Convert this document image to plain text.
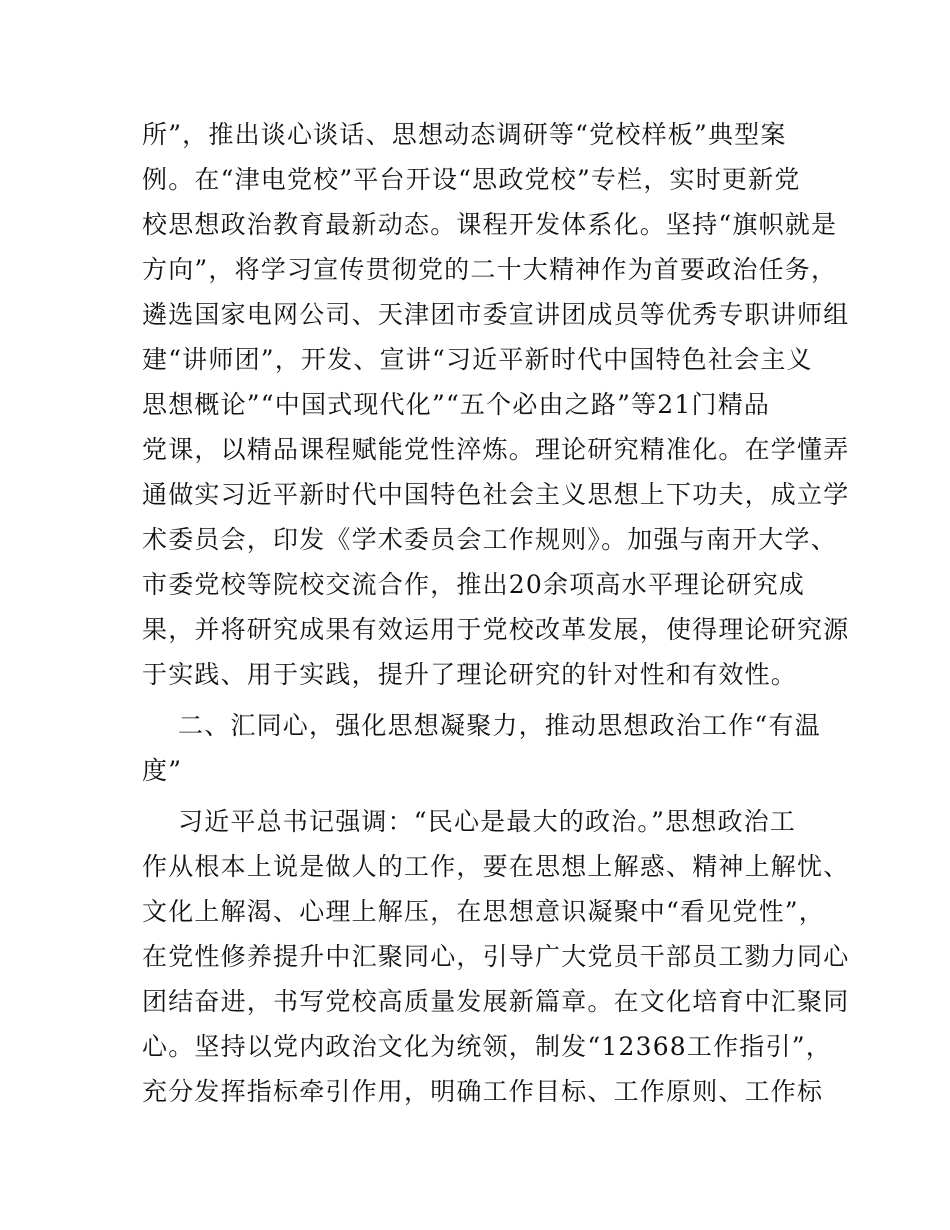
所”，推出谈心谈话、思想动态调研等“党校样板”典型案
例。在“津电党校”平台开设“思政党校”专栏，实时更新党
校思想政治教育最新动态。课程开发体系化。坚持“旗帜就是
方向”，将学习宣传贯彻党的二十大精神作为首要政治任务，
遴选国家电网公司、天津团市委宣讲团成员等优秀专职讲师组
建“讲师团”，开发、宣讲“习近平新时代中国特色社会主义
思想概论”“中国式现代化”“五个必由之路”等21门精品
党课，以精品课程赋能党性淬炼。理论研究精准化。在学懂弄
通做实习近平新时代中国特色社会主义思想上下功夫，成立学
术委员会，印发《学术委员会工作规则》。加强与南开大学、
市委党校等院校交流合作，推出20余项高水平理论研究成
果，并将研究成果有效运用于党校改革发展，使得理论研究源
于实践、用于实践，提升了理论研究的针对性和有效性。
二、汇同心，强化思想凝聚力，推动思想政治工作“有温
度”
习近平总书记强调：“民心是最大的政治。”思想政治工
作从根本上说是做人的工作，要在思想上解惑、精神上解忧、
文化上解渴、心理上解压，在思想意识凝聚中“看见党性”，
在党性修养提升中汇聚同心，引导广大党员干部员工勠力同心
团结奋进，书写党校高质量发展新篇章。在文化培育中汇聚同
心。坚持以党内政治文化为统领，制发“12368工作指引”，
充分发挥指标牵引作用，明确工作目标、工作原则、工作标
